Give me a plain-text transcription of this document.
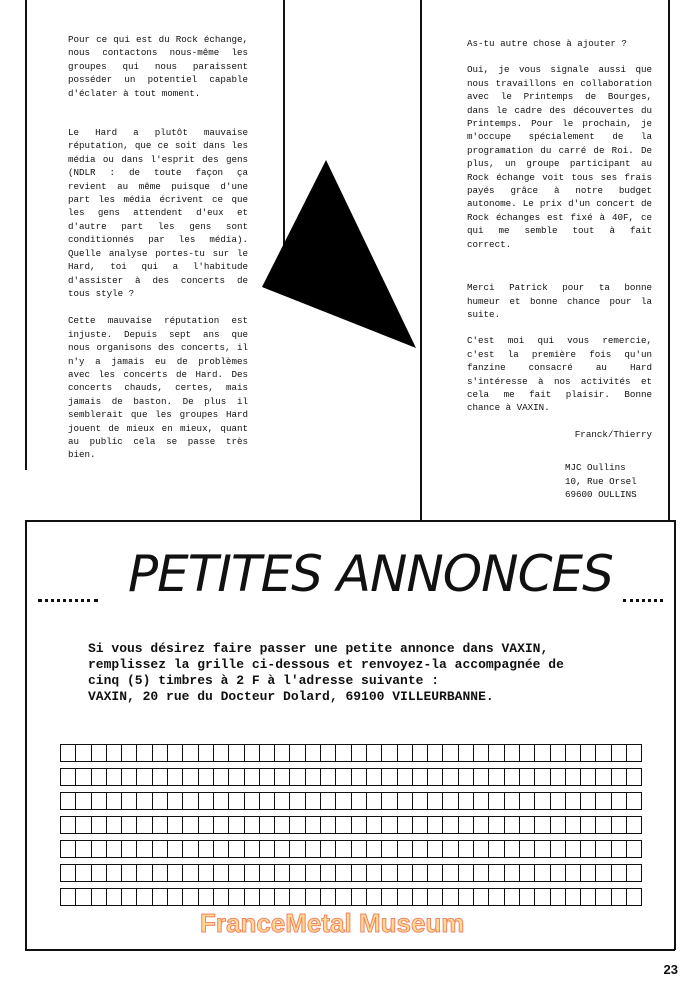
Pour ce qui est du Rock échange, nous contactons nous-même les groupes qui nous paraissent posséder un potentiel capable d'éclater à tout moment.

Le Hard a plutôt mauvaise réputation, que ce soit dans les média ou dans l'esprit des gens (NDLR : de toute façon ça revient au même puisque d'une part les média écrivent ce que les gens attendent d'eux et d'autre part les gens sont conditionnés par les média). Quelle analyse portes-tu sur le Hard, toi qui a l'habitude d'assister à des concerts de tous style ?

Cette mauvaise réputation est injuste. Depuis sept ans que nous organisons des concerts, il n'y a jamais eu de problèmes avec les concerts de Hard. Des concerts chauds, certes, mais jamais de baston. De plus il semblerait que les groupes Hard jouent de mieux en mieux, quant au public cela se passe très bien.

As-tu autre chose à ajouter ?

Oui, je vous signale aussi que nous travaillons en collaboration avec le Printemps de Bourges, dans le cadre des découvertes du Printemps. Pour le prochain, je m'occupe spécialement de la programation du carré de Roi. De plus, un groupe participant au Rock échange voit tous ses frais payés grâce à notre budget autonome. Le prix d'un concert de Rock échanges est fixé à 40F, ce qui me semble tout à fait correct.

Merci Patrick pour ta bonne humeur et bonne chance pour la suite.

C'est moi qui vous remercie, c'est la première fois qu'un fanzine consacré au Hard s'intéresse à nos activités et cela me fait plaisir. Bonne chance à VAXIN.

Franck/Thierry

MJC Oullins
10, Rue Orsel
69600 OULLINS
PETITES ANNONCES
Si vous désirez faire passer une petite annonce dans VAXIN,
remplissez la grille ci-dessous et renvoyez-la accompagnée de
cinq (5) timbres à 2 F à l'adresse suivante :
VAXIN, 20 rue du Docteur Dolard, 69100 VILLEURBANNE.
FranceMetal Museum
23
